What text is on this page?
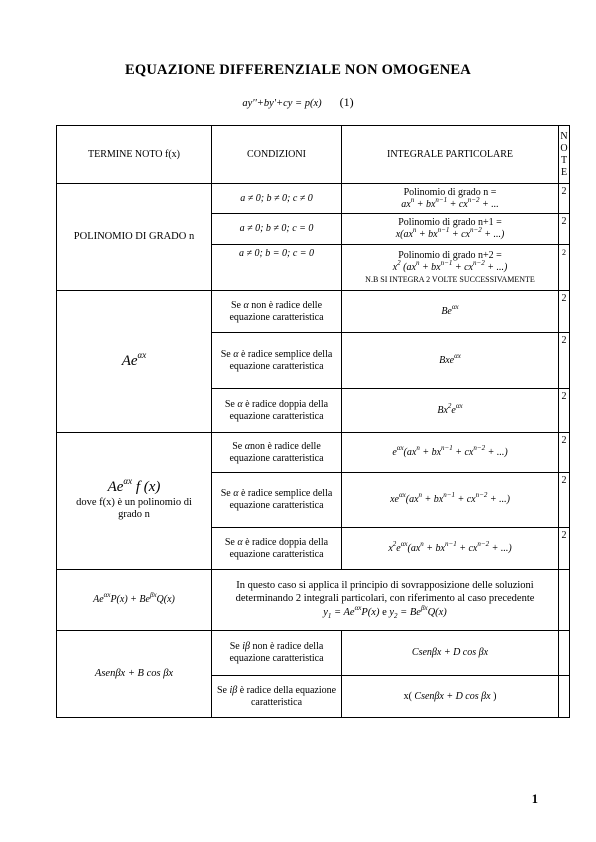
EQUAZIONE DIFFERENZIALE NON OMOGENEA
ay''+by'+cy = p(x) (1)
TERMINE NOTO f(x)	CONDIZIONI	INTEGRALE PARTICOLARE	N
O
T
E

POLINOMIO DI GRADO n	a ≠ 0; b ≠ 0; c ≠ 0	Polinomio di grado n =
$ax^n + bx^{n-1} + cx^{n-2}$ + ...	2
	a ≠ 0; b ≠ 0; c = 0	Polinomio di grado n+1 =
$x(ax^n + bx^{n-1} + cx^{n-2}$ + ...)	2
	a ≠ 0; b = 0; c = 0	Polinomio di grado n+2 =
$x^2$ ($ax^n + bx^{n-1} + cx^{n-2}$ + ...)
N.B SI INTEGRA 2 VOLTE SUCCESSIVAMENTE	2
$Ae^{\alpha x}$	Se α non è radice delle equazione caratteristica	$Be^{\alpha x}$	2
	Se α è radice semplice della equazione caratteristica	Bxe$^{\alpha x}$	2
	Se α è radice doppia della equazione caratteristica	$Bx^2e^{\alpha x}$	2

$Ae^{\alpha x}$ f (x)
dove f(x) è un polinomio di grado n	Se αnon è radice delle equazione caratteristica	$e^{\alpha x}(ax^n + bx^{n-1} + cx^{n-2}$ + ...)	2
	Se α è radice semplice della equazione caratteristica	$xe^{\alpha x}(ax^n + bx^{n-1} + cx^{n-2}$ + ...)	2
	Se α è radice doppia della equazione caratteristica	$x^2e^{\alpha x}(ax^n + bx^{n-1} + cx^{n-2}$ + ...)	2
$Ae^{\alpha x}P(x) + Be^{\beta x}Q(x)$	In questo caso si applica il principio di sovrapposizione delle soluzioni determinando 2 integrali particolari, con riferimento al caso precedente
$y_1 = Ae^{\alpha x}P(x)$ e $y_2 = Be^{\beta x}Q(x)$		

Asenβx + B cos βx	Se iβ non è radice della equazione caratteristica	Csenβx + D cos βx	
	Se iβ è radice della equazione caratteristica	x( Csenβx + D cos βx )	
1
